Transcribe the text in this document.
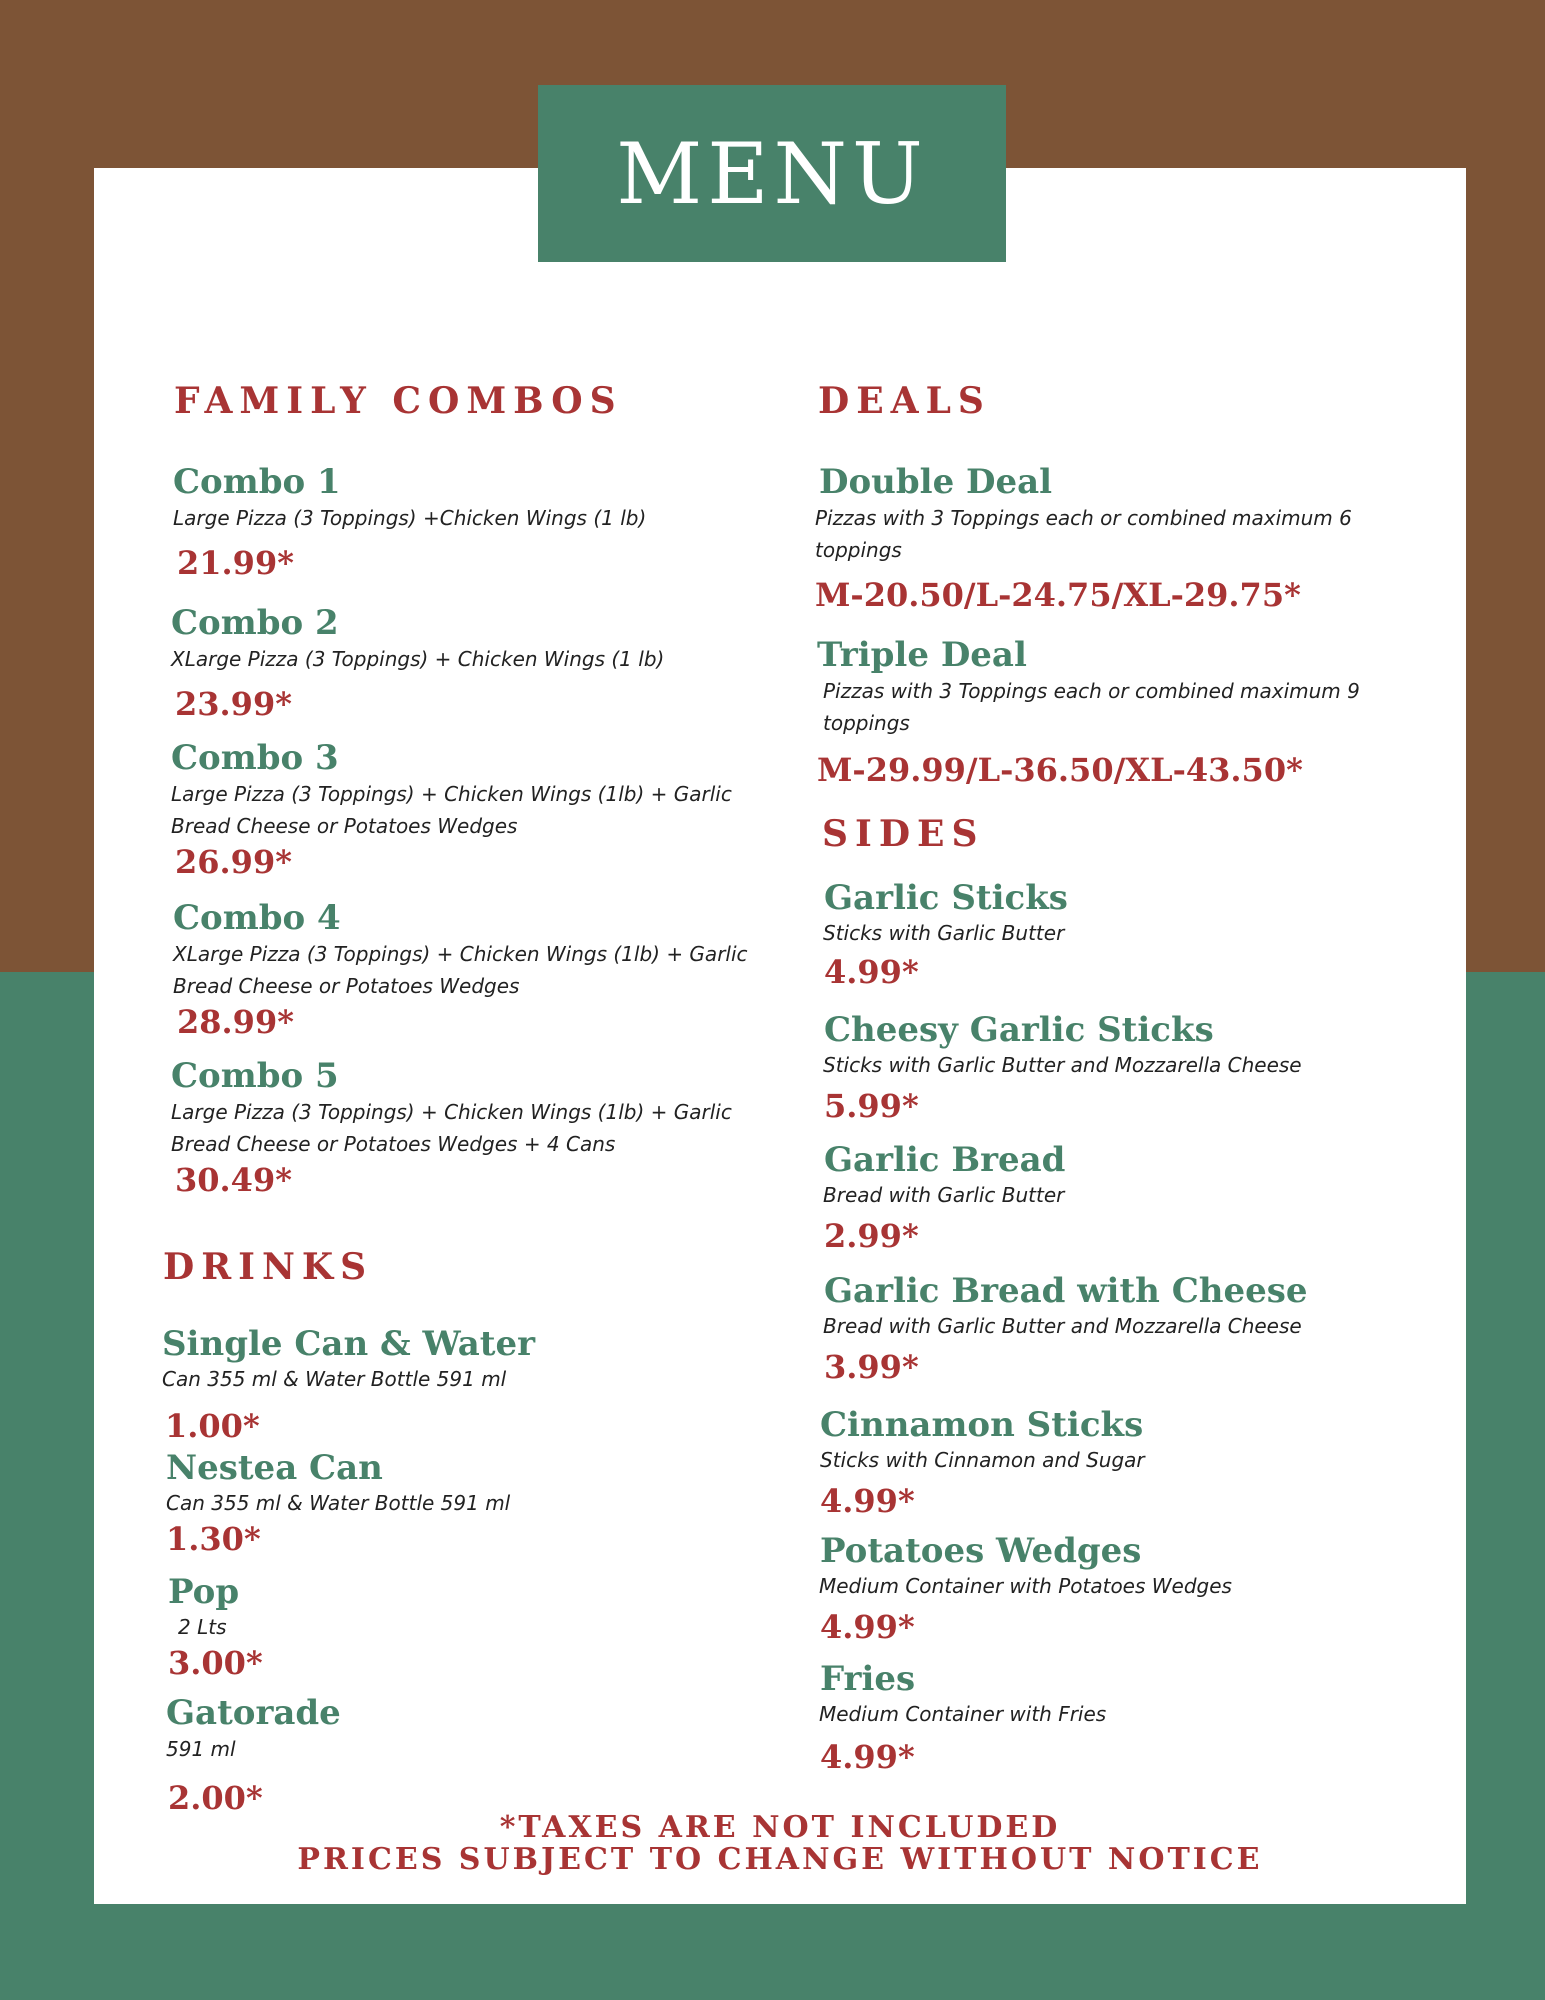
MENU
FAMILY COMBOS	DEALS
SIDES
DRINKS
Combo 1
Large Pizza (3 Toppings) +Chicken Wings (1 lb)
21.99*
Combo 2
XLarge Pizza (3 Toppings) + Chicken Wings (1 lb)
23.99*
Combo 3
Large Pizza (3 Toppings) + Chicken Wings (1lb) + Garlic Bread Cheese or Potatoes Wedges
26.99*
Combo 4
XLarge Pizza (3 Toppings) + Chicken Wings (1lb) + Garlic Bread Cheese or Potatoes Wedges
28.99*
Combo 5
Large Pizza (3 Toppings) + Chicken Wings (1lb) + Garlic Bread Cheese or Potatoes Wedges + 4 Cans
30.49*
Single Can & Water
Can 355 ml & Water Bottle 591 ml
1.00*
Nestea Can
Can 355 ml & Water Bottle 591 ml
1.30*
Pop
2 Lts
3.00*
Gatorade
591 ml
2.00*
Double Deal
Pizzas with 3 Toppings each or combined maximum 6 toppings
M-20.50/L-24.75/XL-29.75*
Triple Deal
Pizzas with 3 Toppings each or combined maximum 9 toppings
M-29.99/L-36.50/XL-43.50*
Garlic Sticks
Sticks with Garlic Butter
4.99*
Cheesy Garlic Sticks
Sticks with Garlic Butter and Mozzarella Cheese
5.99*
Garlic Bread
Bread with Garlic Butter
2.99*
Garlic Bread with Cheese
Bread with Garlic Butter and Mozzarella Cheese
3.99*
Cinnamon Sticks
Sticks with Cinnamon and Sugar
4.99*
Potatoes Wedges
Medium Container with Potatoes Wedges
4.99*
Fries
Medium Container with Fries
4.99*
*TAXES ARE NOT INCLUDED
PRICES SUBJECT TO CHANGE WITHOUT NOTICE
